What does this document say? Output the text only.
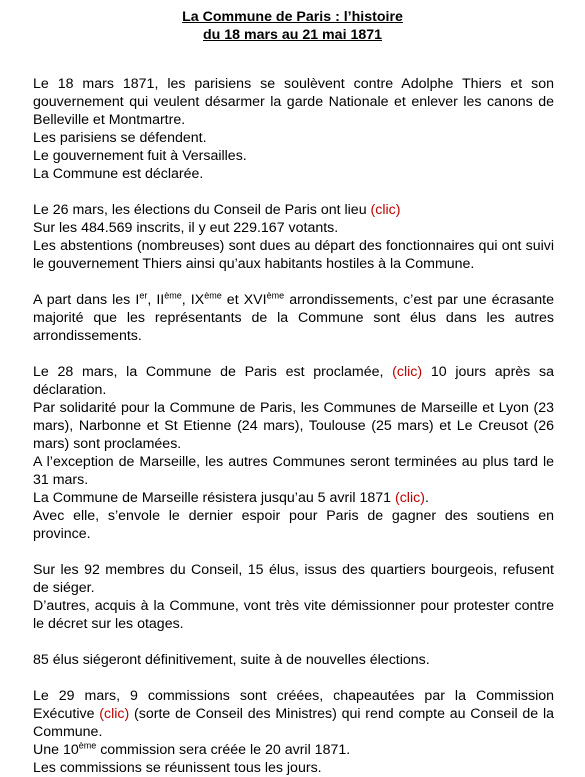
La Commune de Paris : l’histoire
du 18 mars au 21 mai 1871

Le 18 mars 1871, les parisiens se soulèvent contre Adolphe Thiers et son gouvernement qui veulent désarmer la garde Nationale et enlever les canons de Belleville et Montmartre.

Les parisiens se défendent.

Le gouvernement fuit à Versailles.

La Commune est déclarée.

Le 26 mars, les élections du Conseil de Paris ont lieu (clic)

Sur les 484.569 inscrits, il y eut 229.167 votants.

Les abstentions (nombreuses) sont dues au départ des fonctionnaires qui ont suivi le gouvernement Thiers ainsi qu’aux habitants hostiles à la Commune.

A part dans les Ier, IIème, IXème et XVIème arrondissements, c’est par une écrasante majorité que les représentants de la Commune sont élus dans les autres arrondissements.

Le 28 mars, la Commune de Paris est proclamée, (clic) 10 jours après sa déclaration.

Par solidarité pour la Commune de Paris, les Communes de Marseille et Lyon (23 mars), Narbonne et St Etienne (24 mars), Toulouse (25 mars) et Le Creusot (26 mars) sont proclamées.

A l’exception de Marseille, les autres Communes seront terminées au plus tard le 31 mars.

La Commune de Marseille résistera jusqu’au 5 avril 1871 (clic).

Avec elle, s’envole le dernier espoir pour Paris de gagner des soutiens en province.

Sur les 92 membres du Conseil, 15 élus, issus des quartiers bourgeois, refusent de siéger.

D’autres, acquis à la Commune, vont très vite démissionner pour protester contre le décret sur les otages.

85 élus siégeront définitivement, suite à de nouvelles élections.

Le 29 mars, 9 commissions sont créées, chapeautées par la Commission Exécutive (clic) (sorte de Conseil des Ministres) qui rend compte au Conseil de la Commune.

Une 10ème commission sera créée le 20 avril 1871.

Les commissions se réunissent tous les jours.
